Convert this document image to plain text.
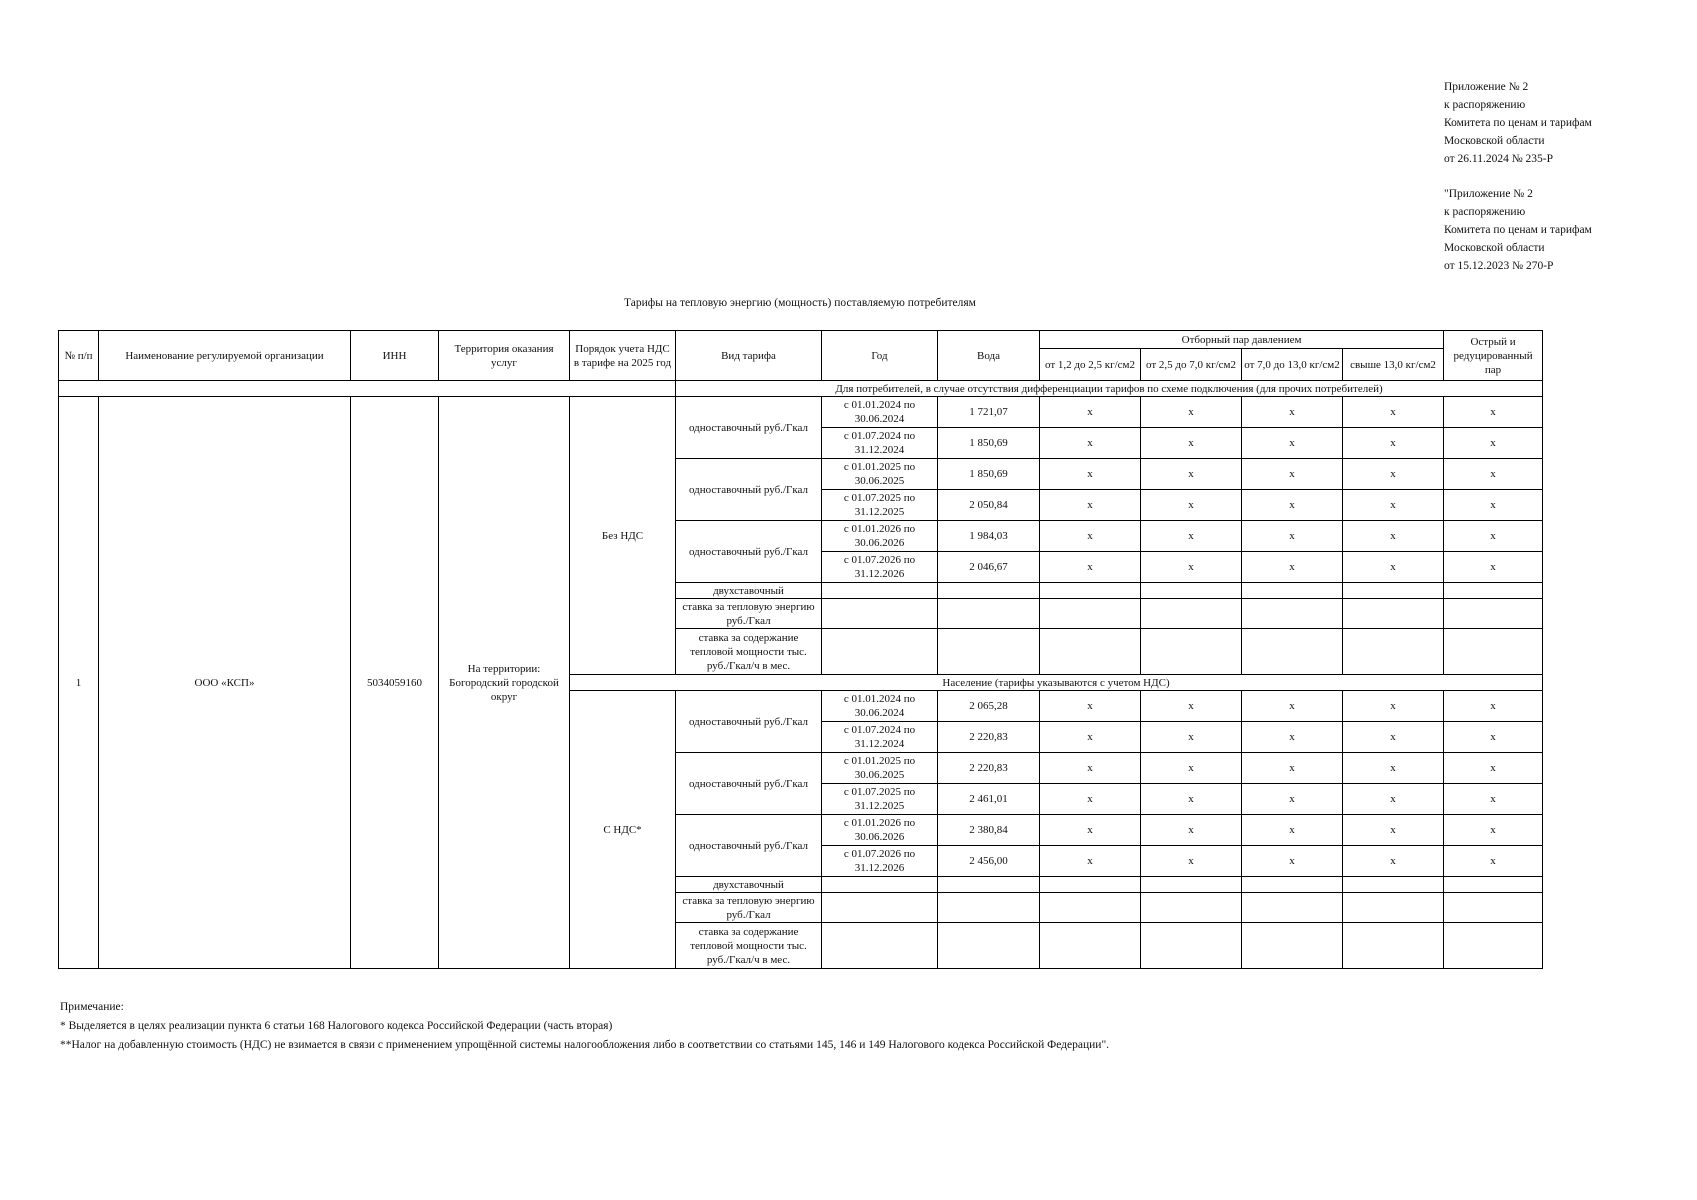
Приложение № 2
к распоряжению
Комитета по ценам и тарифам
Московской области
от 26.11.2024 № 235-Р
"Приложение № 2
к распоряжению
Комитета по ценам и тарифам
Московской области
от 15.12.2023 № 270-Р
Тарифы на тепловую энергию (мощность) поставляемую потребителям
№ п/п	Наименование регулируемой организации	ИНН	Территория оказания услуг	Порядок учета НДС в тарифе на 2025 год	Вид тарифа	Год	Вода	Отборный пар давлением				Острый и редуцированный пар
								от 1,2 до 2,5 кг/см2	от 2,5 до 7,0 кг/см2	от 7,0 до 13,0 кг/см2	свыше 13,0 кг/см2	
					Для потребителей, в случае отсутствия дифференциации тарифов по схеме подключения (для прочих потребителей)							
1	ООО «КСП»	5034059160	На территории: Богородский городской округ	Без НДС	одноставочный руб./Гкал	с 01.01.2024 по 30.06.2024	1 721,07	x	x	x	x	x
						с 01.07.2024 по 31.12.2024	1 850,69	x	x	x	x	x
					одноставочный руб./Гкал	с 01.01.2025 по 30.06.2025	1 850,69	x	x	x	x	x
						с 01.07.2025 по 31.12.2025	2 050,84	x	x	x	x	x
					одноставочный руб./Гкал	с 01.01.2026 по 30.06.2026	1 984,03	x	x	x	x	x
						с 01.07.2026 по 31.12.2026	2 046,67	x	x	x	x	x
					двухставочный							
					ставка за тепловую энергию руб./Гкал							
					ставка за содержание тепловой мощности тыс. руб./Гкал/ч в мес.							
				Население (тарифы указываются с учетом НДС)								
				С НДС*	одноставочный руб./Гкал	с 01.01.2024 по 30.06.2024	2 065,28	x	x	x	x	x
						с 01.07.2024 по 31.12.2024	2 220,83	x	x	x	x	x
					одноставочный руб./Гкал	с 01.01.2025 по 30.06.2025	2 220,83	x	x	x	x	x
						с 01.07.2025 по 31.12.2025	2 461,01	x	x	x	x	x
					одноставочный руб./Гкал	с 01.01.2026 по 30.06.2026	2 380,84	x	x	x	x	x
						с 01.07.2026 по 31.12.2026	2 456,00	x	x	x	x	x
					двухставочный							
					ставка за тепловую энергию руб./Гкал							
					ставка за содержание тепловой мощности тыс. руб./Гкал/ч в мес.							
Примечание:
* Выделяется в целях реализации пункта 6 статьи 168 Налогового кодекса Российской Федерации (часть вторая)
**Налог на добавленную стоимость (НДС) не взимается в связи с применением упрощённой системы налогообложения либо в соответствии со статьями 145, 146 и 149 Налогового кодекса Российской Федерации".
